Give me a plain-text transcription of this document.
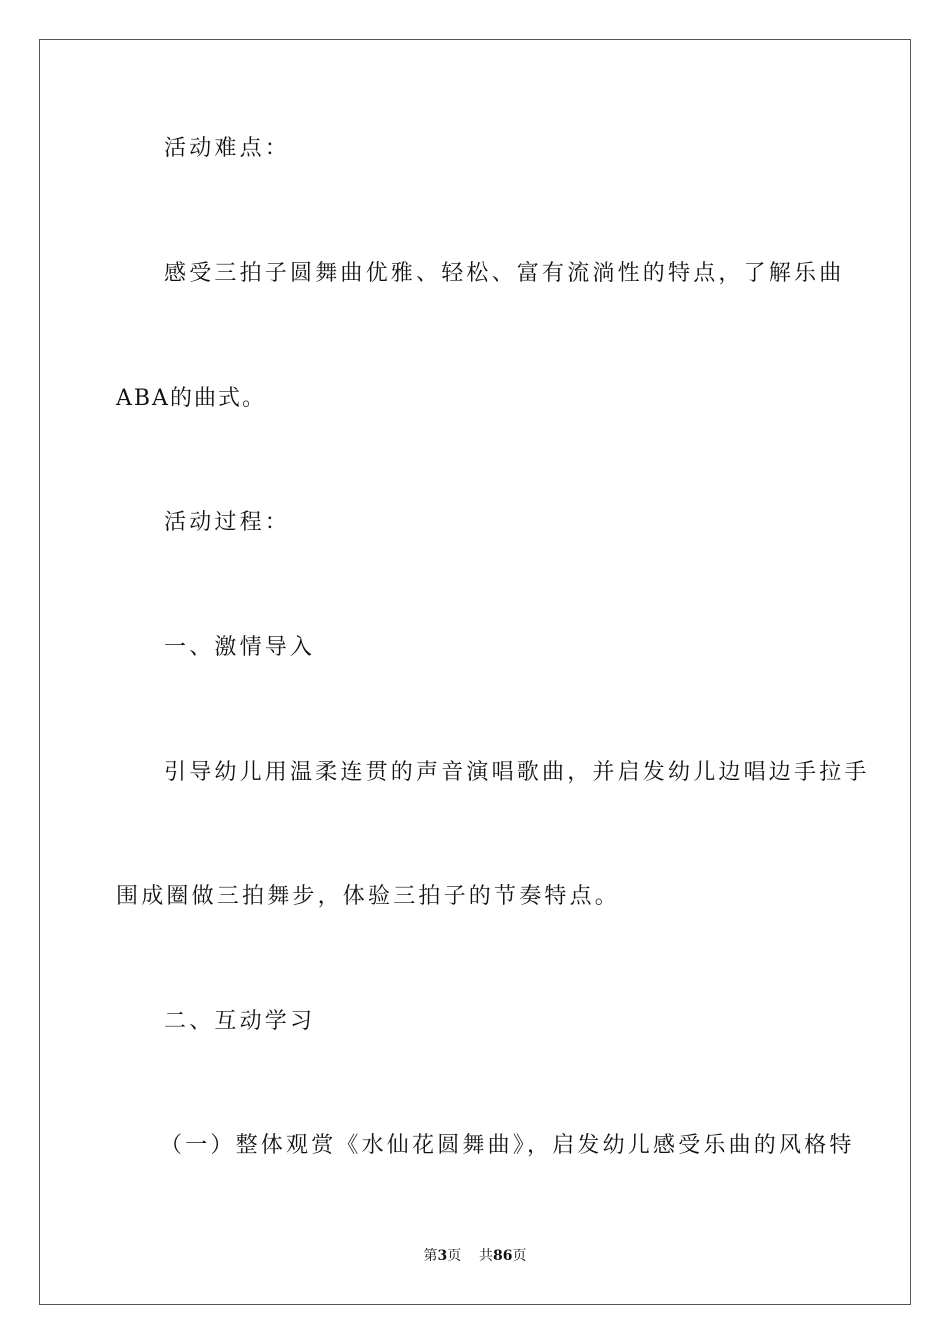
活动难点：
感受三拍子圆舞曲优雅、轻松、富有流淌性的特点，了解乐曲
ABA的曲式。
活动过程：
一、激情导入
引导幼儿用温柔连贯的声音演唱歌曲，并启发幼儿边唱边手拉手
围成圈做三拍舞步，体验三拍子的节奏特点。
二、互动学习
（一）整体观赏《水仙花圆舞曲》，启发幼儿感受乐曲的风格特
第3页 共86页
